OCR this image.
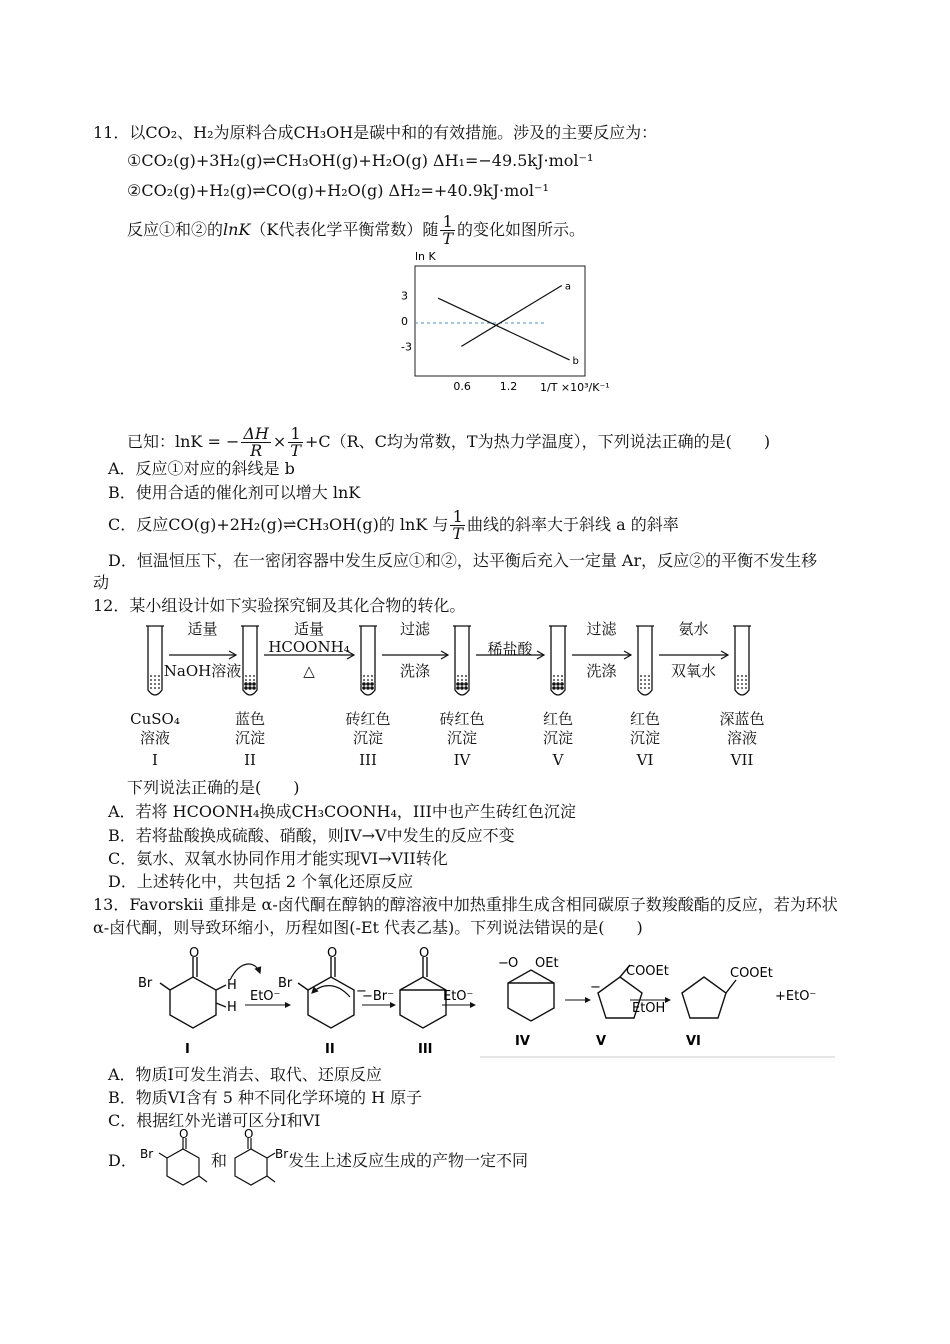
11．以CO₂、H₂为原料合成CH₃OH是碳中和的有效措施。涉及的主要反应为：
①CO₂(g)+3H₂(g)⇌CH₃OH(g)+H₂O(g) ΔH₁=−49.5kJ·mol⁻¹
②CO₂(g)+H₂(g)⇌CO(g)+H₂O(g) ΔH₂=+40.9kJ·mol⁻¹
反应①和②的lnK（K代表化学平衡常数）随 $\frac{1}{T}$ 的变化如图所示。
ln K
0.6	1.2
3
0
-3
a
b
1/T ×10³/K⁻¹
已知：lnK = − $\frac{\Delta H}{R} \times \frac{1}{T} +C(R$、C均为常数，T为热力学温度），下列说法正确的是(　　)
A．反应①对应的斜线是 b
B．使用合适的催化剂可以增大 lnK
C．反应CO(g)+2H₂(g)⇌CH₃OH(g)的 lnK 与 $\frac{1}{T}$ 曲线的斜率大于斜线 a 的斜率
D．恒温恒压下，在一密闭容器中发生反应①和②，达平衡后充入一定量 Ar，反应②的平衡不发生移
动
12．某小组设计如下实验探究铜及其化合物的转化。
适量
NaOH溶液
适量
HCOONH₄
△
过滤
洗涤
稀盐酸
过滤
洗涤
氨水
双氧水
CuSO₄
溶液
I
蓝色
沉淀
II
砖红色
沉淀
III
砖红色
沉淀
IV
红色
沉淀
V
红色
沉淀
VI
深蓝色
溶液
VII
下列说法正确的是(　　)
A．若将 HCOONH₄换成CH₃COONH₄，III中也产生砖红色沉淀
B．若将盐酸换成硫酸、硝酸，则IV→V中发生的反应不变
C．氨水、双氧水协同作用才能实现VI→VII转化
D．上述转化中，共包括 2 个氧化还原反应
13．Favorskii 重排是 α-卤代酮在醇钠的醇溶液中加热重排生成含相同碳原子数羧酸酯的反应，若为环状
α-卤代酮，则导致环缩小，历程如图(-Et 代表乙基)。下列说法错误的是(　　)
O
Br	H
H
I
EtO⁻
O
Br
−
II
−Br⁻
O
III
EtO⁻
− O OEt
IV
COOEt
−
V
EtOH
COOEt
VI
+EtO⁻
A．物质I可发生消去、取代、还原反应
B．物质VI含有 5 种不同化学环境的 H 原子
C．根据红外光谱可区分I和VI
D．
O
Br
O
Br
和	发生上述反应生成的产物一定不同
